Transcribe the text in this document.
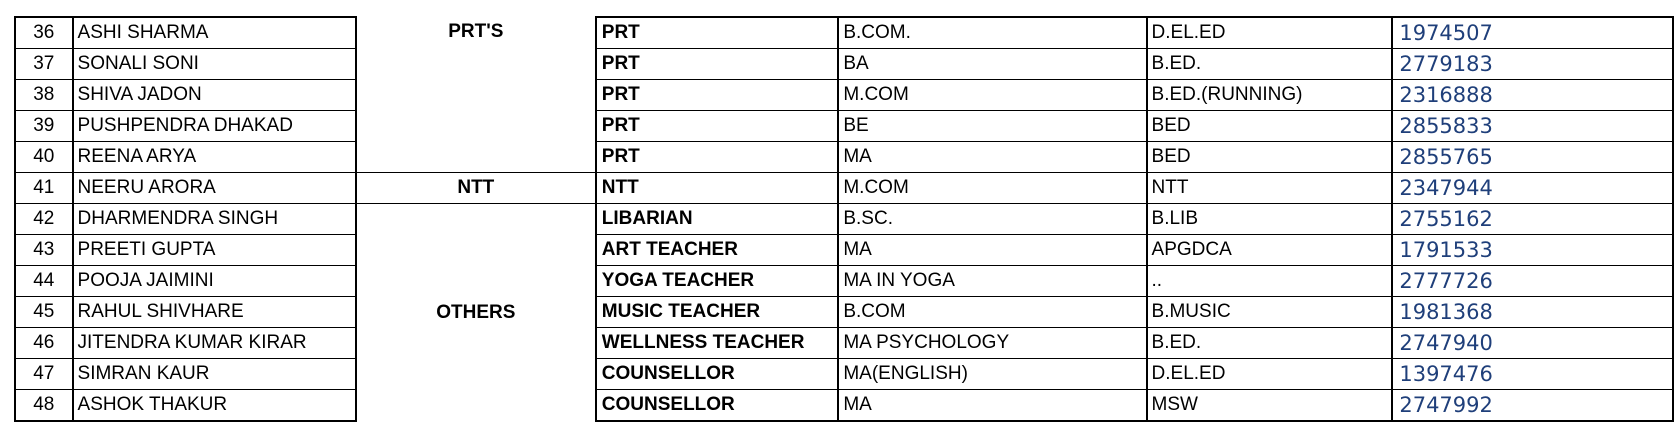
36	ASHI SHARMA	PRT'S	PRT	B.COM.	D.EL.ED	1974507
37	SONALI SONI		PRT	BA	B.ED.	2779183
38	SHIVA JADON		PRT	M.COM	B.ED.(RUNNING)	2316888
39	PUSHPENDRA DHAKAD		PRT	BE	BED	2855833
40	REENA ARYA		PRT	MA	BED	2855765
41	NEERU ARORA	NTT	NTT	M.COM	NTT	2347944
42	DHARMENDRA SINGH	OTHERS	LIBARIAN	B.SC.	B.LIB	2755162
43	PREETI GUPTA		ART TEACHER	MA	APGDCA	1791533
44	POOJA JAIMINI		YOGA TEACHER	MA IN YOGA	..	2777726
45	RAHUL SHIVHARE		MUSIC TEACHER	B.COM	B.MUSIC	1981368
46	JITENDRA KUMAR KIRAR		WELLNESS TEACHER	MA PSYCHOLOGY	B.ED.	2747940
47	SIMRAN KAUR		COUNSELLOR	MA(ENGLISH)	D.EL.ED	1397476
48	ASHOK THAKUR		COUNSELLOR	MA	MSW	2747992
